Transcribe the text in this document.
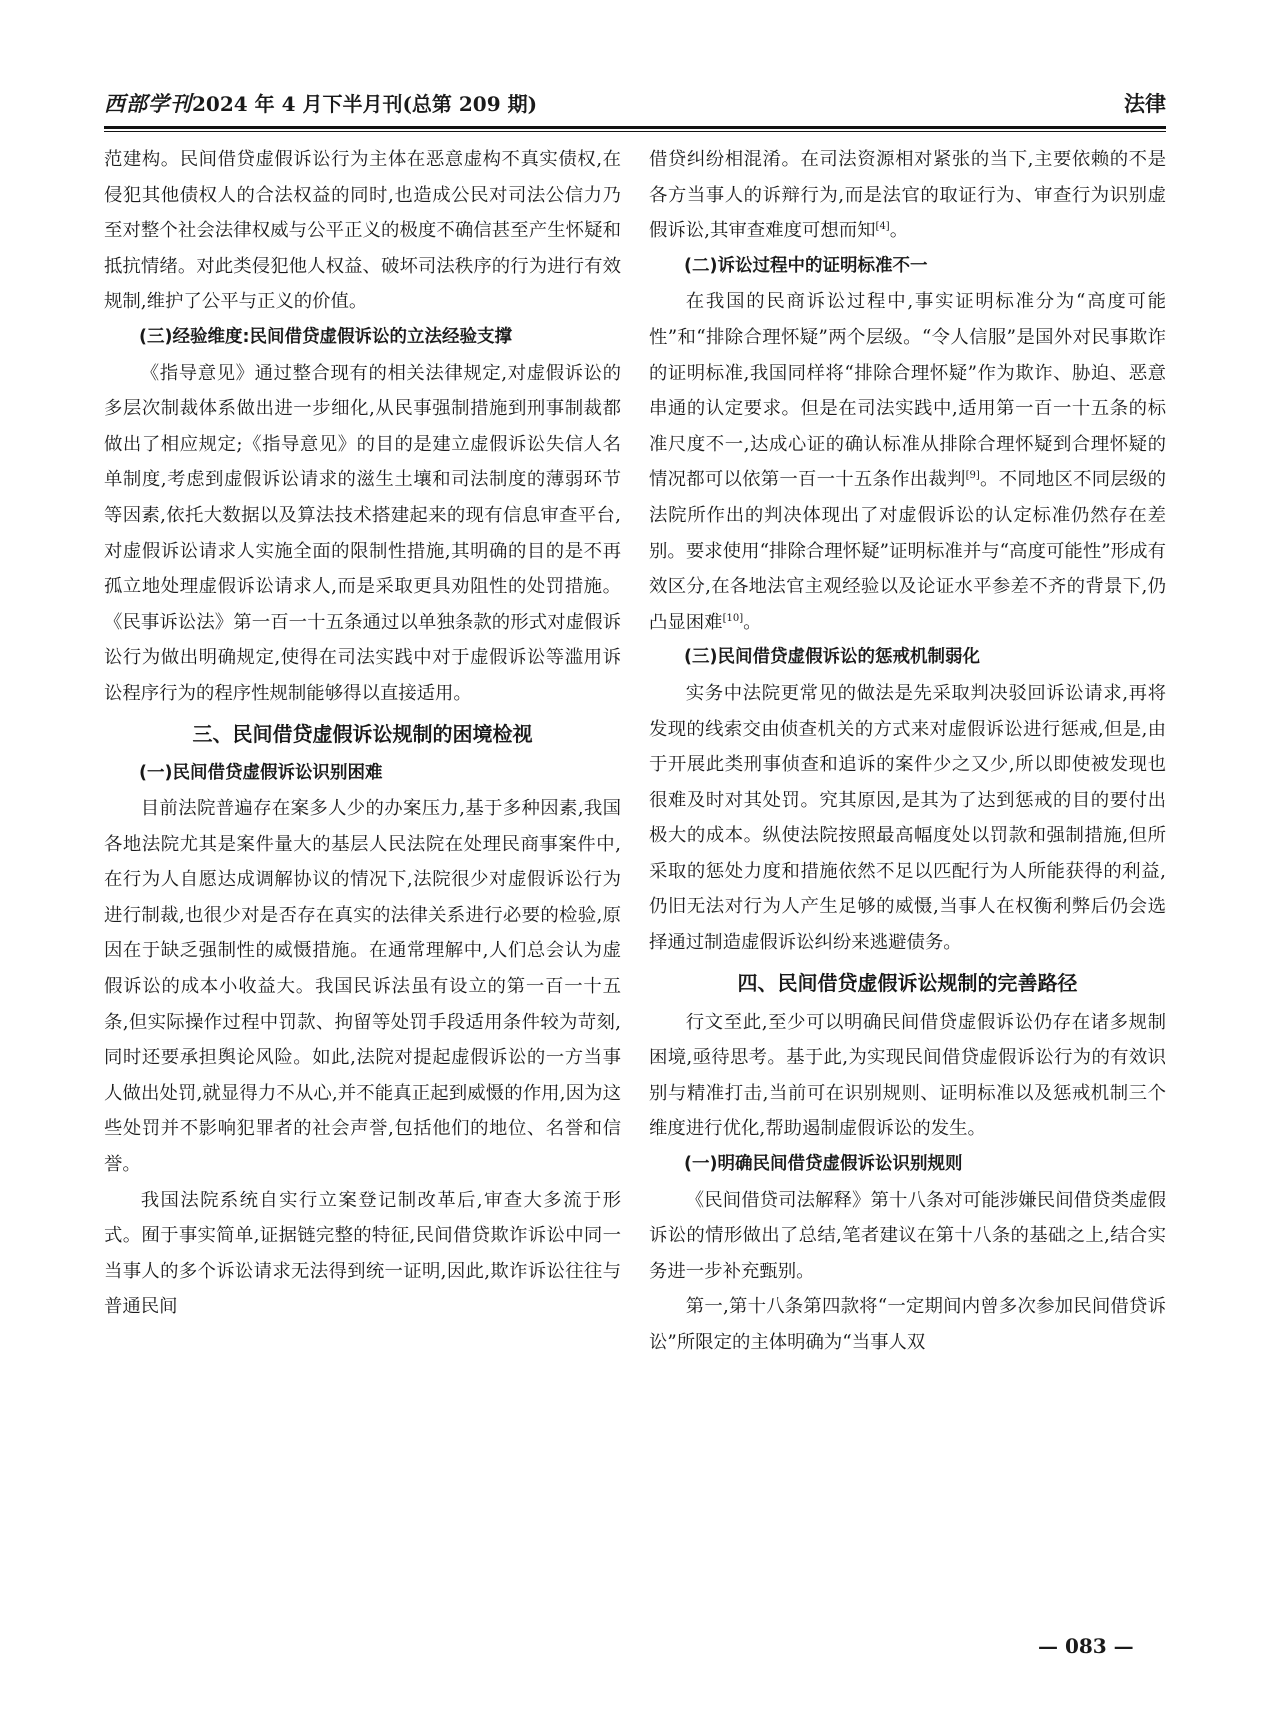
西部学刊2024 年 4 月下半月刊(总第 209 期)	法律

范建构。民间借贷虚假诉讼行为主体在恶意虚构不真实债权,在侵犯其他债权人的合法权益的同时,也造成公民对司法公信力乃至对整个社会法律权威与公平正义的极度不确信甚至产生怀疑和抵抗情绪。对此类侵犯他人权益、破坏司法秩序的行为进行有效规制,维护了公平与正义的价值。

(三)经验维度:民间借贷虚假诉讼的立法经验支撑

《指导意见》通过整合现有的相关法律规定,对虚假诉讼的多层次制裁体系做出进一步细化,从民事强制措施到刑事制裁都做出了相应规定;《指导意见》的目的是建立虚假诉讼失信人名单制度,考虑到虚假诉讼请求的滋生土壤和司法制度的薄弱环节等因素,依托大数据以及算法技术搭建起来的现有信息审查平台,对虚假诉讼请求人实施全面的限制性措施,其明确的目的是不再孤立地处理虚假诉讼请求人,而是采取更具劝阻性的处罚措施。《民事诉讼法》第一百一十五条通过以单独条款的形式对虚假诉讼行为做出明确规定,使得在司法实践中对于虚假诉讼等滥用诉讼程序行为的程序性规制能够得以直接适用。

三、民间借贷虚假诉讼规制的困境检视
(一)民间借贷虚假诉讼识别困难

目前法院普遍存在案多人少的办案压力,基于多种因素,我国各地法院尤其是案件量大的基层人民法院在处理民商事案件中,在行为人自愿达成调解协议的情况下,法院很少对虚假诉讼行为进行制裁,也很少对是否存在真实的法律关系进行必要的检验,原因在于缺乏强制性的威慑措施。在通常理解中,人们总会认为虚假诉讼的成本小收益大。我国民诉法虽有设立的第一百一十五条,但实际操作过程中罚款、拘留等处罚手段适用条件较为苛刻,同时还要承担舆论风险。如此,法院对提起虚假诉讼的一方当事人做出处罚,就显得力不从心,并不能真正起到威慑的作用,因为这些处罚并不影响犯罪者的社会声誉,包括他们的地位、名誉和信誉。

我国法院系统自实行立案登记制改革后,审查大多流于形式。囿于事实简单,证据链完整的特征,民间借贷欺诈诉讼中同一当事人的多个诉讼请求无法得到统一证明,因此,欺诈诉讼往往与普通民间

借贷纠纷相混淆。在司法资源相对紧张的当下,主要依赖的不是各方当事人的诉辩行为,而是法官的取证行为、审查行为识别虚假诉讼,其审查难度可想而知[4]。

(二)诉讼过程中的证明标准不一

在我国的民商诉讼过程中,事实证明标准分为“高度可能性”和“排除合理怀疑”两个层级。“令人信服”是国外对民事欺诈的证明标准,我国同样将“排除合理怀疑”作为欺诈、胁迫、恶意串通的认定要求。但是在司法实践中,适用第一百一十五条的标准尺度不一,达成心证的确认标准从排除合理怀疑到合理怀疑的情况都可以依第一百一十五条作出裁判[9]。不同地区不同层级的法院所作出的判决体现出了对虚假诉讼的认定标准仍然存在差别。要求使用“排除合理怀疑”证明标准并与“高度可能性”形成有效区分,在各地法官主观经验以及论证水平参差不齐的背景下,仍凸显困难[10]。

(三)民间借贷虚假诉讼的惩戒机制弱化

实务中法院更常见的做法是先采取判决驳回诉讼请求,再将发现的线索交由侦查机关的方式来对虚假诉讼进行惩戒,但是,由于开展此类刑事侦查和追诉的案件少之又少,所以即使被发现也很难及时对其处罚。究其原因,是其为了达到惩戒的目的要付出极大的成本。纵使法院按照最高幅度处以罚款和强制措施,但所采取的惩处力度和措施依然不足以匹配行为人所能获得的利益,仍旧无法对行为人产生足够的威慑,当事人在权衡利弊后仍会选择通过制造虚假诉讼纠纷来逃避债务。

四、民间借贷虚假诉讼规制的完善路径

行文至此,至少可以明确民间借贷虚假诉讼仍存在诸多规制困境,亟待思考。基于此,为实现民间借贷虚假诉讼行为的有效识别与精准打击,当前可在识别规则、证明标准以及惩戒机制三个维度进行优化,帮助遏制虚假诉讼的发生。

(一)明确民间借贷虚假诉讼识别规则

《民间借贷司法解释》第十八条对可能涉嫌民间借贷类虚假诉讼的情形做出了总结,笔者建议在第十八条的基础之上,结合实务进一步补充甄别。

第一,第十八条第四款将“一定期间内曾多次参加民间借贷诉讼”所限定的主体明确为“当事人双

— 083 —
